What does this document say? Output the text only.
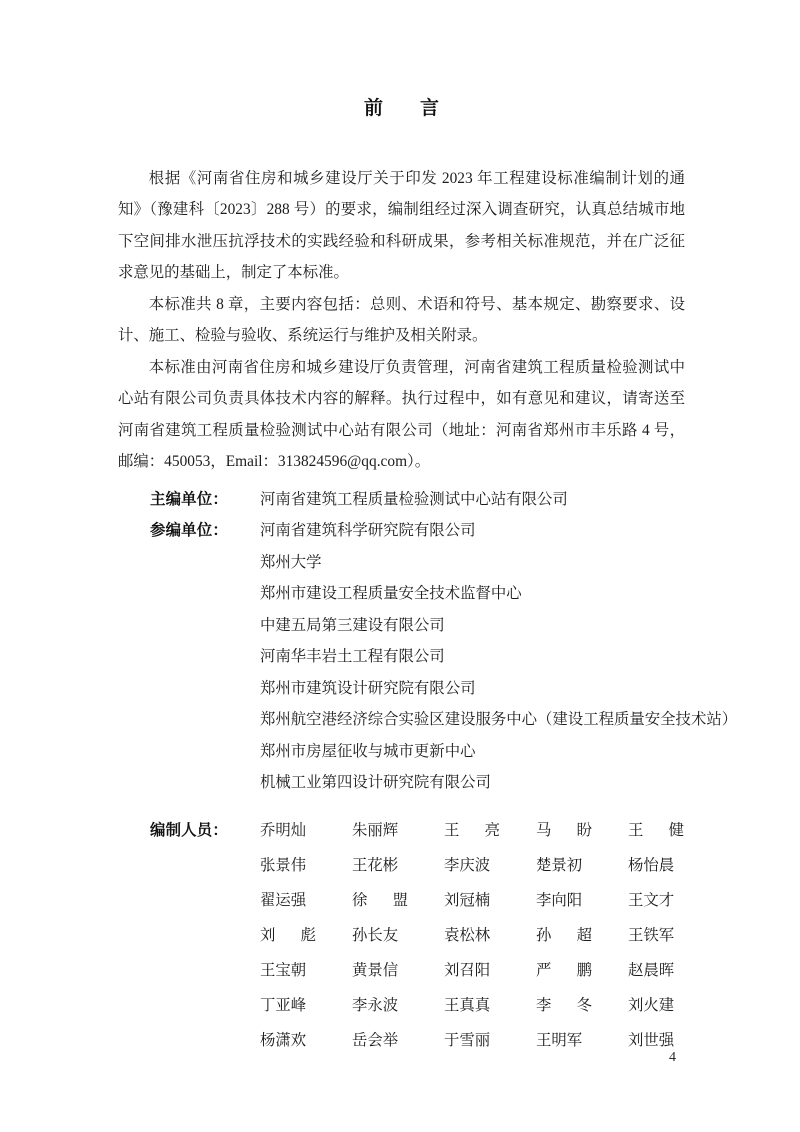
前　言

根据《河南省住房和城乡建设厅关于印发 2023 年工程建设标准编制计划的通知》（豫建科〔2023〕288 号）的要求，编制组经过深入调查研究，认真总结城市地下空间排水泄压抗浮技术的实践经验和科研成果，参考相关标准规范，并在广泛征求意见的基础上，制定了本标准。

本标准共 8 章，主要内容包括：总则、术语和符号、基本规定、勘察要求、设计、施工、检验与验收、系统运行与维护及相关附录。

本标准由河南省住房和城乡建设厅负责管理，河南省建筑工程质量检验测试中心站有限公司负责具体技术内容的解释。执行过程中，如有意见和建议，请寄送至河南省建筑工程质量检验测试中心站有限公司（地址：河南省郑州市丰乐路 4 号，邮编：450053，Email：313824596@qq.com）。

主编单位：	河南省建筑工程质量检验测试中心站有限公司
参编单位：	河南省建筑科学研究院有限公司
郑州大学
郑州市建设工程质量安全技术监督中心
中建五局第三建设有限公司
河南华丰岩土工程有限公司
郑州市建筑设计研究院有限公司
郑州航空港经济综合实验区建设服务中心（建设工程质量安全技术站）
郑州市房屋征收与城市更新中心
机械工业第四设计研究院有限公司
编制人员：	乔明灿	朱丽辉	王亮	马盼	王健
张景伟	王花彬	李庆波	楚景初	杨怡晨
翟运强	徐盟	刘冠楠	李向阳	王文才
刘彪	孙长友	袁松林	孙超	王铁军
王宝朝	黄景信	刘召阳	严鹏	赵晨晖
丁亚峰	李永波	王真真	李冬	刘火建
杨潇欢	岳会举	于雪丽	王明军	刘世强
4
